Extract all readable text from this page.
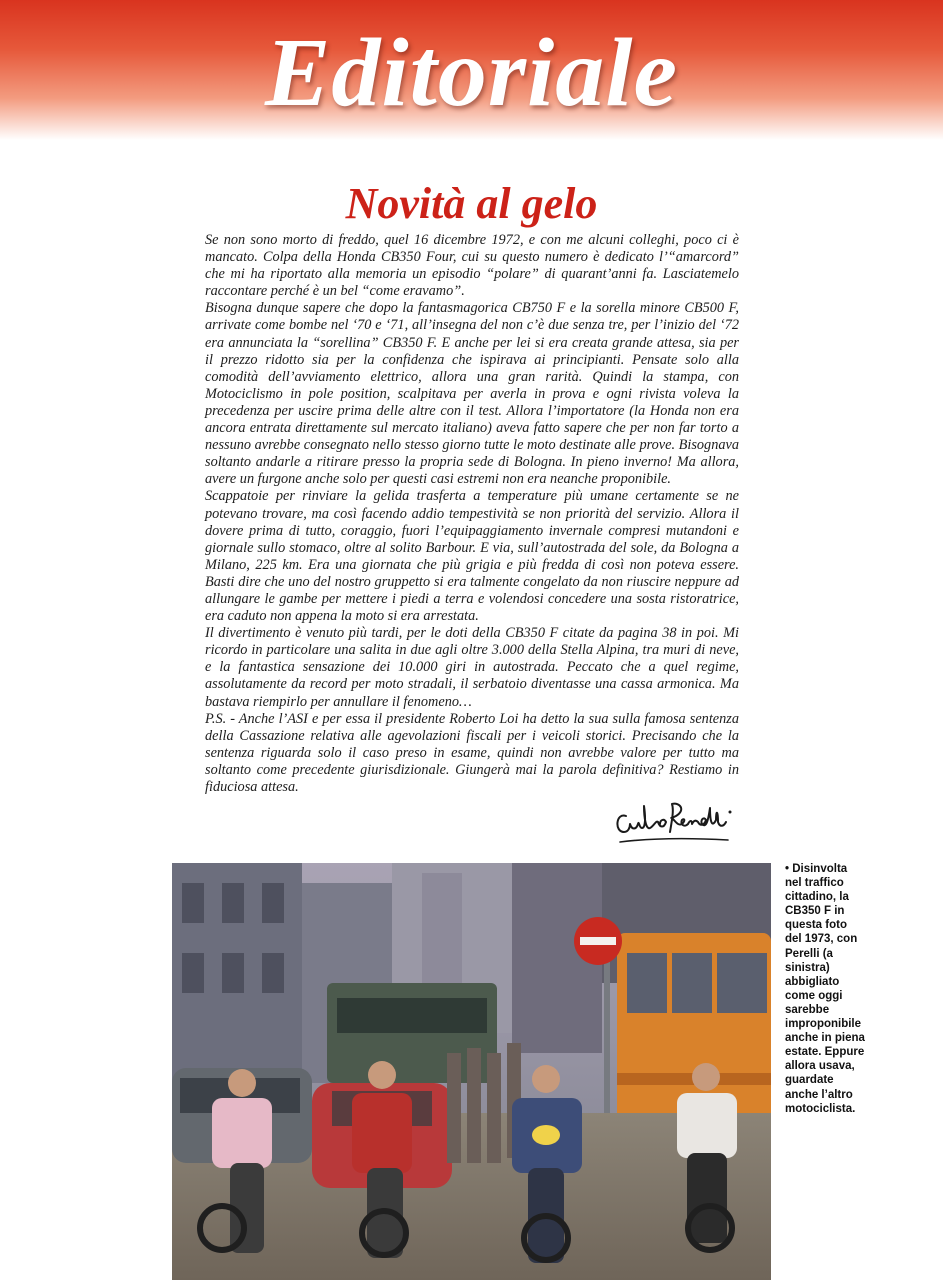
Editoriale
Novità al gelo

Se non sono morto di freddo, quel 16 dicembre 1972, e con me alcuni colleghi, poco ci è mancato. Colpa della Honda CB350 Four, cui su questo numero è dedicato l’“amarcord” che mi ha riportato alla memoria un episodio “polare” di quarant’anni fa. Lasciatemelo raccontare perché è un bel “come eravamo”.

Bisogna dunque sapere che dopo la fantasmagorica CB750 F e la sorella minore CB500 F, arrivate come bombe nel ‘70 e ‘71, all’insegna del non c’è due senza tre, per l’inizio del ‘72 era annunciata la “sorellina” CB350 F. E anche per lei si era creata grande attesa, sia per il prezzo ridotto sia per la confidenza che ispirava ai principianti. Pensate solo alla comodità dell’avviamento elettrico, allora una gran rarità. Quindi la stampa, con Motociclismo in pole position, scalpitava per averla in prova e ogni rivista voleva la precedenza per uscire prima delle altre con il test. Allora l’importatore (la Honda non era ancora entrata direttamente sul mercato italiano) aveva fatto sapere che per non far torto a nessuno avrebbe consegnato nello stesso giorno tutte le moto destinate alle prove. Bisognava soltanto andarle a ritirare presso la propria sede di Bologna. In pieno inverno! Ma allora, avere un furgone anche solo per questi casi estremi non era neanche proponibile.

Scappatoie per rinviare la gelida trasferta a temperature più umane certamente se ne potevano trovare, ma così facendo addio tempestività se non priorità del servizio. Allora il dovere prima di tutto, coraggio, fuori l’equipaggiamento invernale compresi mutandoni e giornale sullo stomaco, oltre al solito Barbour. E via, sull’autostrada del sole, da Bologna a Milano, 225 km. Era una giornata che più grigia e più fredda di così non poteva essere. Basti dire che uno del nostro gruppetto si era talmente congelato da non riuscire neppure ad allungare le gambe per mettere i piedi a terra e volendosi concedere una sosta ristoratrice, era caduto non appena la moto si era arrestata.

Il divertimento è venuto più tardi, per le doti della CB350 F citate da pagina 38 in poi. Mi ricordo in particolare una salita in due agli oltre 3.000 della Stella Alpina, tra muri di neve, e la fantastica sensazione dei 10.000 giri in autostrada. Peccato che a quel regime, assolutamente da record per moto stradali, il serbatoio diventasse una cassa armonica. Ma bastava riempirlo per annullare il fenomeno…

P.S. - Anche l’ASI e per essa il presidente Roberto Loi ha detto la sua sulla famosa sentenza della Cassazione relativa alle agevolazioni fiscali per i veicoli storici. Precisando che la sentenza riguarda solo il caso preso in esame, quindi non avrebbe valore per tutto ma soltanto come precedente giurisdizionale. Giungerà mai la parola definitiva? Restiamo in fiduciosa attesa.

• Disinvolta nel traffico cittadino, la CB350 F in questa foto del 1973, con Perelli (a sinistra) abbigliato come oggi sarebbe improponibile anche in piena estate. Eppure allora usava, guardate anche l’altro motociclista.
